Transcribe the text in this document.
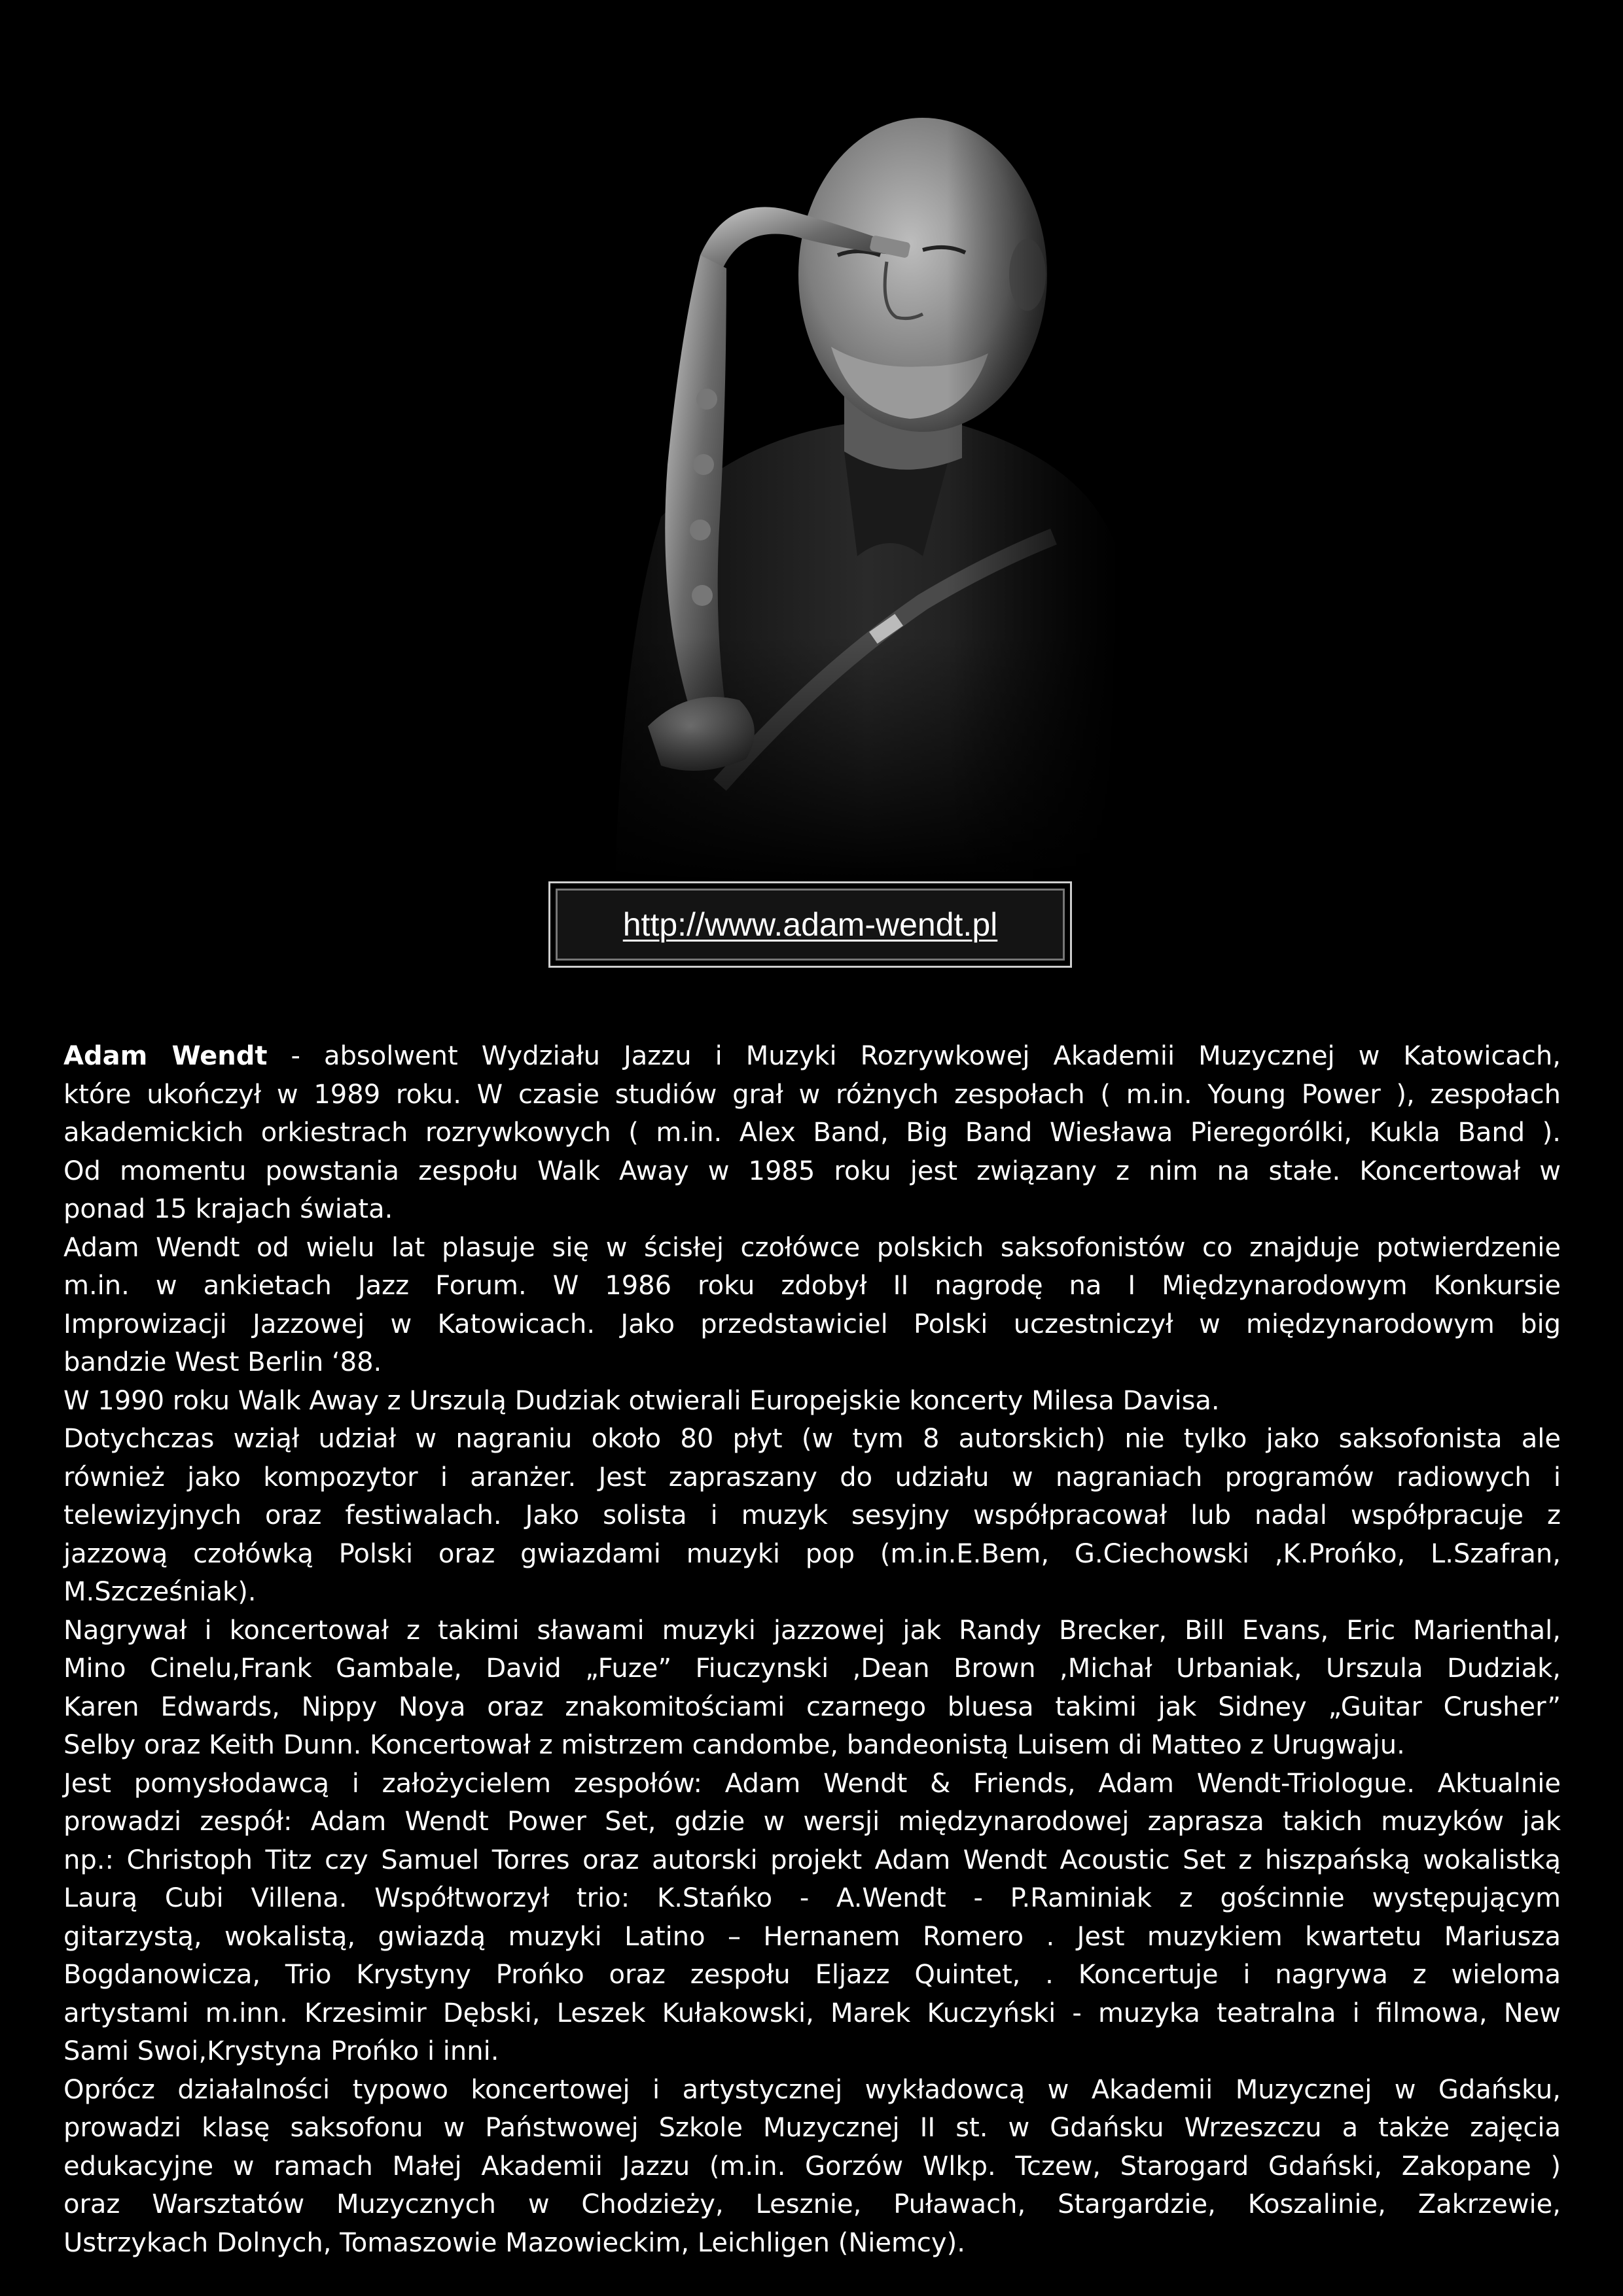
http://www.adam-wendt.pl
Adam Wendt - absolwent Wydziału Jazzu i Muzyki Rozrywkowej Akademii Muzycznej w Katowicach,
które ukończył w 1989 roku. W czasie studiów grał w różnych zespołach ( m.in. Young Power ), zespołach
akademickich orkiestrach rozrywkowych ( m.in. Alex Band, Big Band Wiesława Pieregorólki, Kukla Band ).
Od momentu powstania zespołu Walk Away w 1985 roku jest związany z nim na stałe. Koncertował w
ponad 15 krajach świata.
Adam Wendt od wielu lat plasuje się w ścisłej czołówce polskich saksofonistów co znajduje potwierdzenie
m.in. w ankietach Jazz Forum. W 1986 roku zdobył II nagrodę na I Międzynarodowym Konkursie
Improwizacji Jazzowej w Katowicach. Jako przedstawiciel Polski uczestniczył w międzynarodowym big
bandzie West Berlin ‘88.
W 1990 roku Walk Away z Urszulą Dudziak otwierali Europejskie koncerty Milesa Davisa.
Dotychczas wziął udział w nagraniu około 80 płyt (w tym 8 autorskich) nie tylko jako saksofonista ale
również jako kompozytor i aranżer. Jest zapraszany do udziału w nagraniach programów radiowych i
telewizyjnych oraz festiwalach. Jako solista i muzyk sesyjny współpracował lub nadal współpracuje z
jazzową czołówką Polski oraz gwiazdami muzyki pop (m.in.E.Bem, G.Ciechowski ,K.Prońko, L.Szafran,
M.Szcześniak).
Nagrywał i koncertował z takimi sławami muzyki jazzowej jak Randy Brecker, Bill Evans, Eric Marienthal,
Mino Cinelu,Frank Gambale, David „Fuze” Fiuczynski ,Dean Brown ,Michał Urbaniak, Urszula Dudziak,
Karen Edwards, Nippy Noya oraz znakomitościami czarnego bluesa takimi jak Sidney „Guitar Crusher”
Selby oraz Keith Dunn. Koncertował z mistrzem candombe, bandeonistą Luisem di Matteo z Urugwaju.
Jest pomysłodawcą i założycielem zespołów: Adam Wendt & Friends, Adam Wendt-Triologue. Aktualnie
prowadzi zespół: Adam Wendt Power Set, gdzie w wersji międzynarodowej zaprasza takich muzyków jak
np.: Christoph Titz czy Samuel Torres oraz autorski projekt Adam Wendt Acoustic Set z hiszpańską wokalistką
Laurą Cubi Villena. Współtworzył trio: K.Stańko - A.Wendt - P.Raminiak z gościnnie występującym
gitarzystą, wokalistą, gwiazdą muzyki Latino – Hernanem Romero . Jest muzykiem kwartetu Mariusza
Bogdanowicza, Trio Krystyny Prońko oraz zespołu Eljazz Quintet, . Koncertuje i nagrywa z wieloma
artystami m.inn. Krzesimir Dębski, Leszek Kułakowski, Marek Kuczyński - muzyka teatralna i filmowa, New
Sami Swoi,Krystyna Prońko i inni.
Oprócz działalności typowo koncertowej i artystycznej wykładowcą w Akademii Muzycznej w Gdańsku,
prowadzi klasę saksofonu w Państwowej Szkole Muzycznej II st. w Gdańsku Wrzeszczu a także zajęcia
edukacyjne w ramach Małej Akademii Jazzu (m.in. Gorzów Wlkp. Tczew, Starogard Gdański, Zakopane )
oraz Warsztatów Muzycznych w Chodzieży, Lesznie, Puławach, Stargardzie, Koszalinie, Zakrzewie,
Ustrzykach Dolnych, Tomaszowie Mazowieckim, Leichligen (Niemcy).
